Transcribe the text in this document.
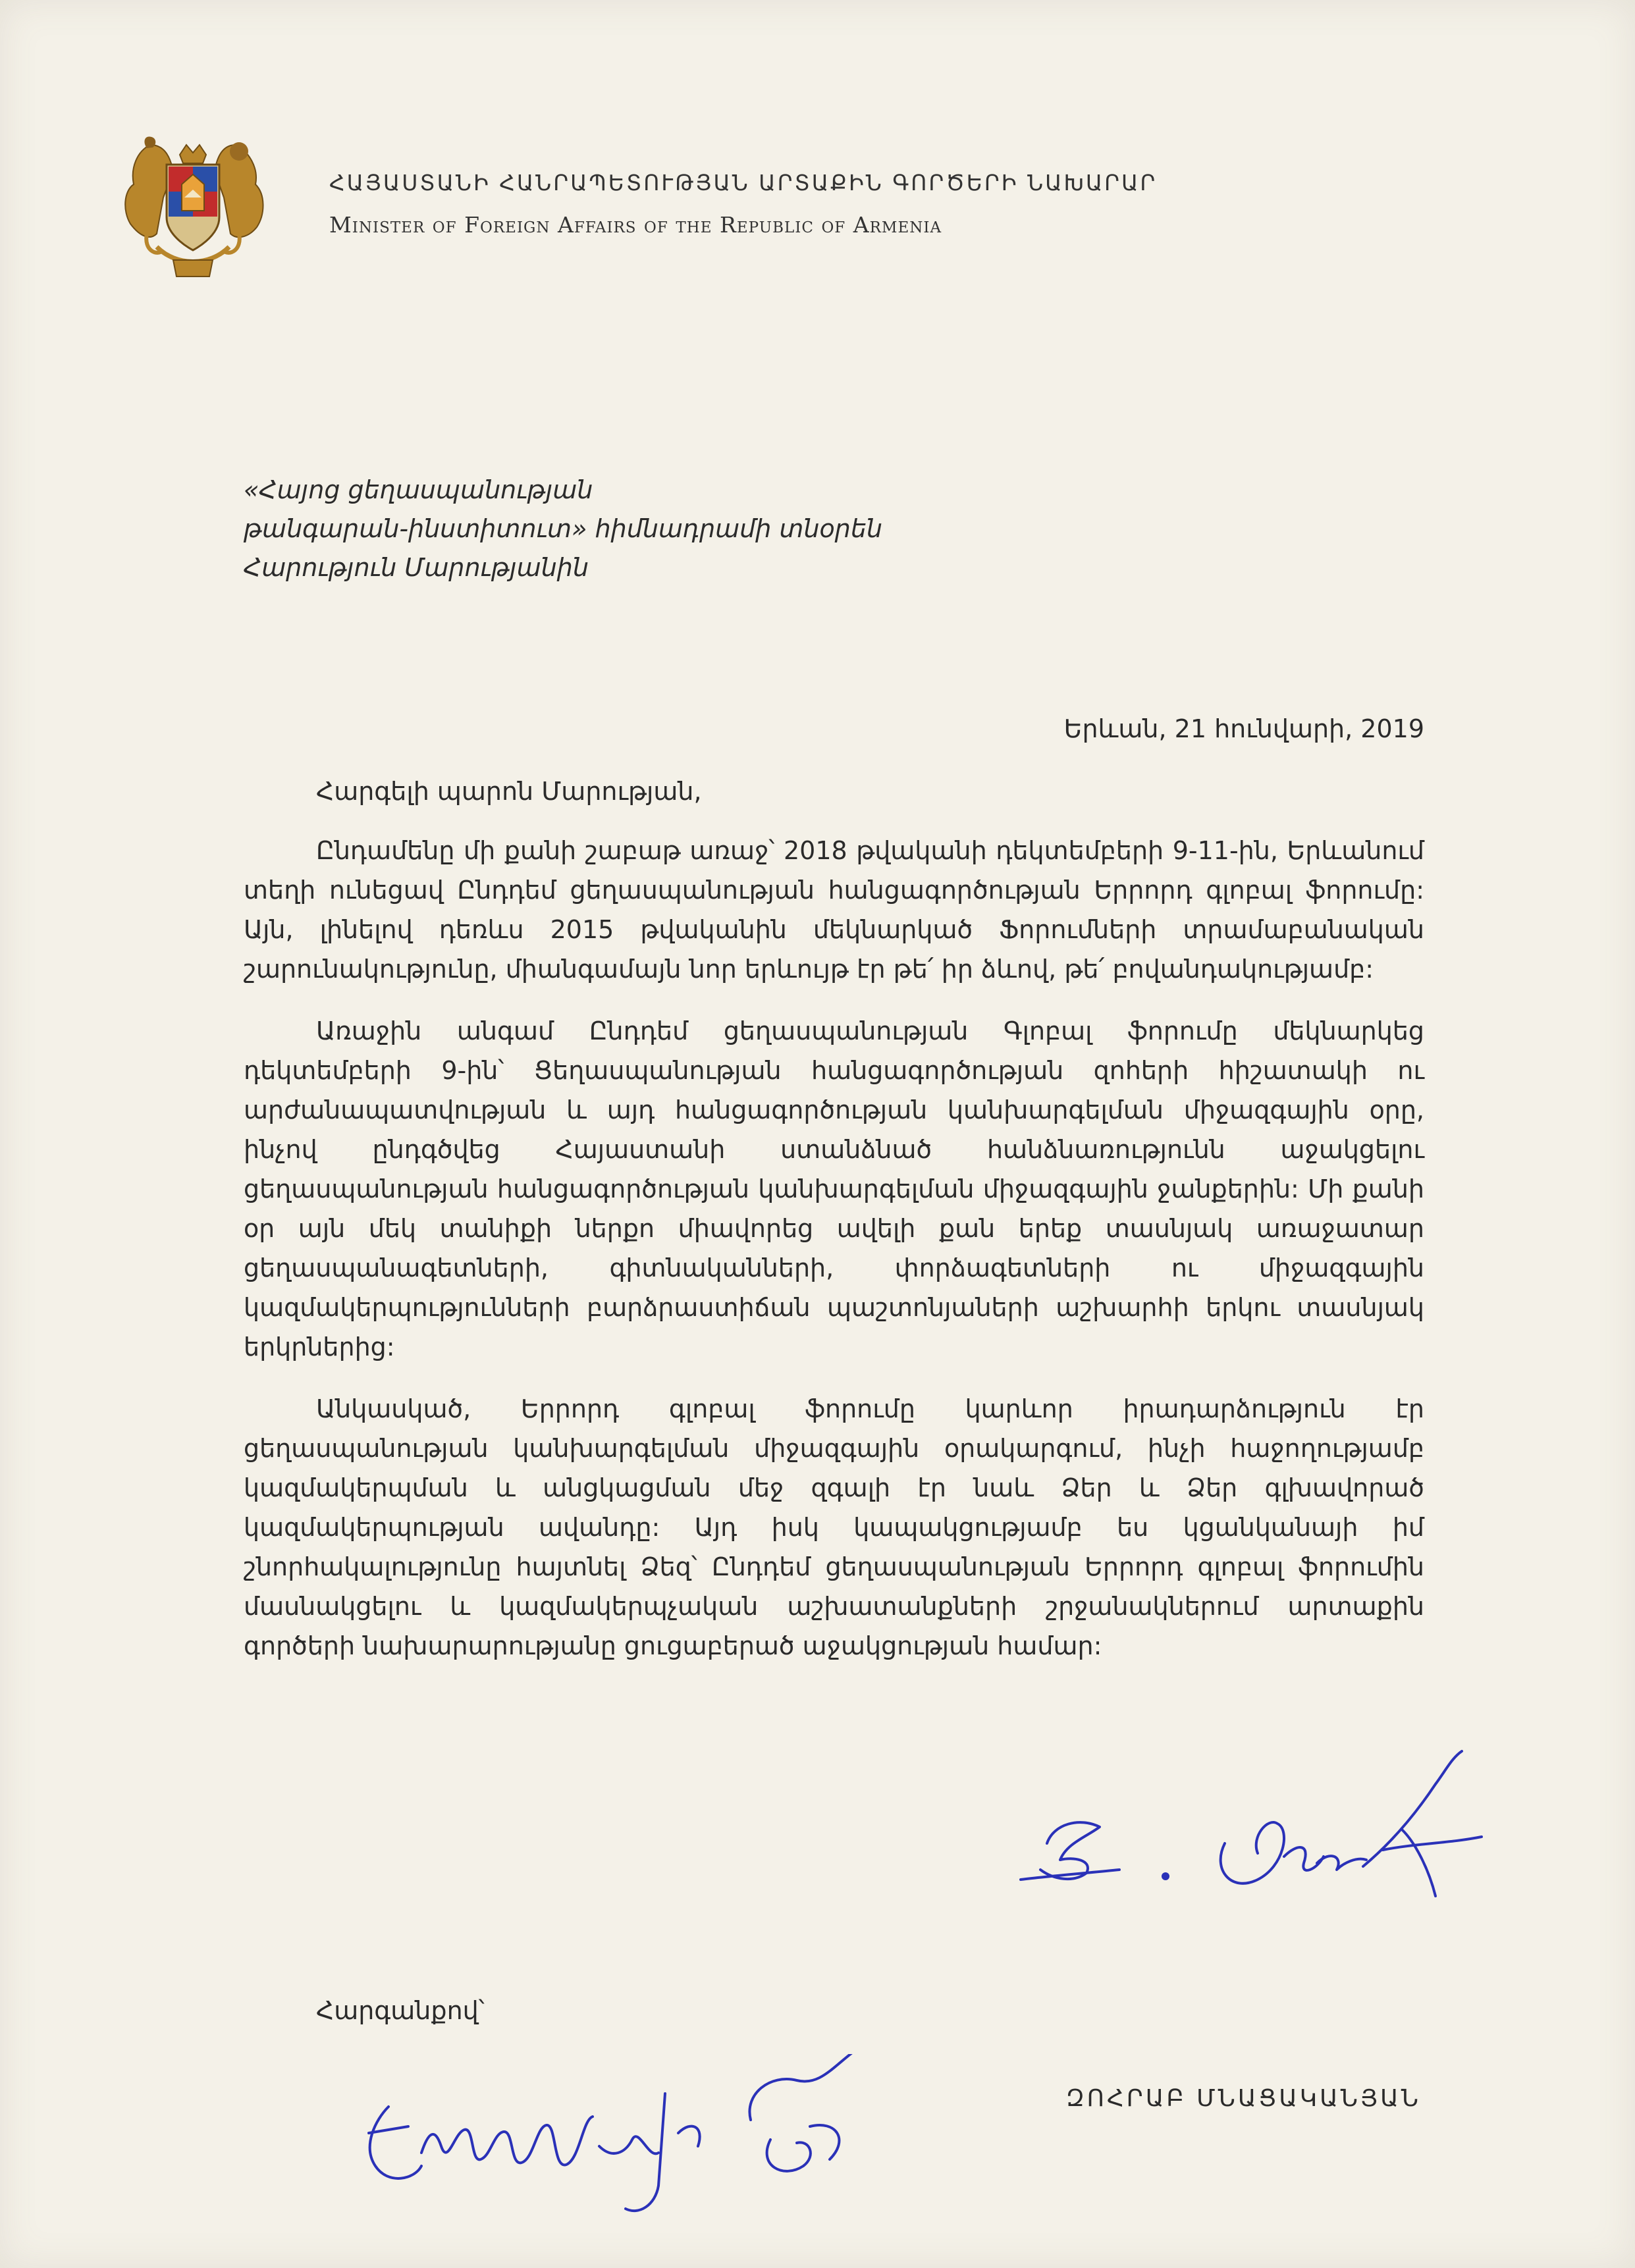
ՀԱՅԱՍՏԱՆԻ ՀԱՆՐԱՊԵՏՈՒԹՅԱՆ ԱՐՏԱՔԻՆ ԳՈՐԾԵՐԻ ՆԱԽԱՐԱՐ
Minister of Foreign Affairs of the Republic of Armenia
«Հայոց ցեղասպանության
թանգարան-ինստիտուտ» հիմնադրամի տնօրեն
Հարություն Մարությանին
Երևան, 21 հունվարի, 2019
Հարգելի պարոն Մարության,

Ընդամենը մի քանի շաբաթ առաջ՝ 2018 թվականի դեկտեմբերի 9-11-ին, Երևանում տեղի ունեցավ Ընդդեմ ցեղասպանության հանցագործության Երրորդ գլոբալ ֆորումը: Այն, լինելով դեռևս 2015 թվականին մեկնարկած Ֆորումների տրամաբանական շարունակությունը, միանգամայն նոր երևույթ էր թե՛ իր ձևով, թե՛ բովանդակությամբ:

Առաջին անգամ Ընդդեմ ցեղասպանության Գլոբալ ֆորումը մեկնարկեց դեկտեմբերի 9-ին՝ Ցեղասպանության հանցագործության զոհերի հիշատակի ու արժանապատվության և այդ հանցագործության կանխարգելման միջազգային օրը, ինչով ընդգծվեց Հայաստանի ստանձնած հանձնառությունն աջակցելու ցեղասպանության հանցագործության կանխարգելման միջազգային ջանքերին: Մի քանի օր այն մեկ տանիքի ներքո միավորեց ավելի քան երեք տասնյակ առաջատար ցեղասպանագետների, գիտնականների, փորձագետների ու միջազգային կազմակերպությունների բարձրաստիճան պաշտոնյաների աշխարհի երկու տասնյակ երկրներից:

Անկասկած, Երրորդ գլոբալ ֆորումը կարևոր իրադարձություն էր ցեղասպանության կանխարգելման միջազգային օրակարգում, ինչի հաջողությամբ կազմակերպման և անցկացման մեջ զգալի էր նաև Ձեր և Ձեր գլխավորած կազմակերպության ավանդը: Այդ իսկ կապակցությամբ ես կցանկանայի իմ շնորհակալությունը հայտնել Ձեզ՝ Ընդդեմ ցեղասպանության Երրորդ գլոբալ ֆորումին մասնակցելու և կազմակերպչական աշխատանքների շրջանակներում արտաքին գործերի նախարարությանը ցուցաբերած աջակցության համար:

Հարգանքով՝
ԶՈՀՐԱԲ ՄՆԱՑԱԿԱՆՅԱՆ
